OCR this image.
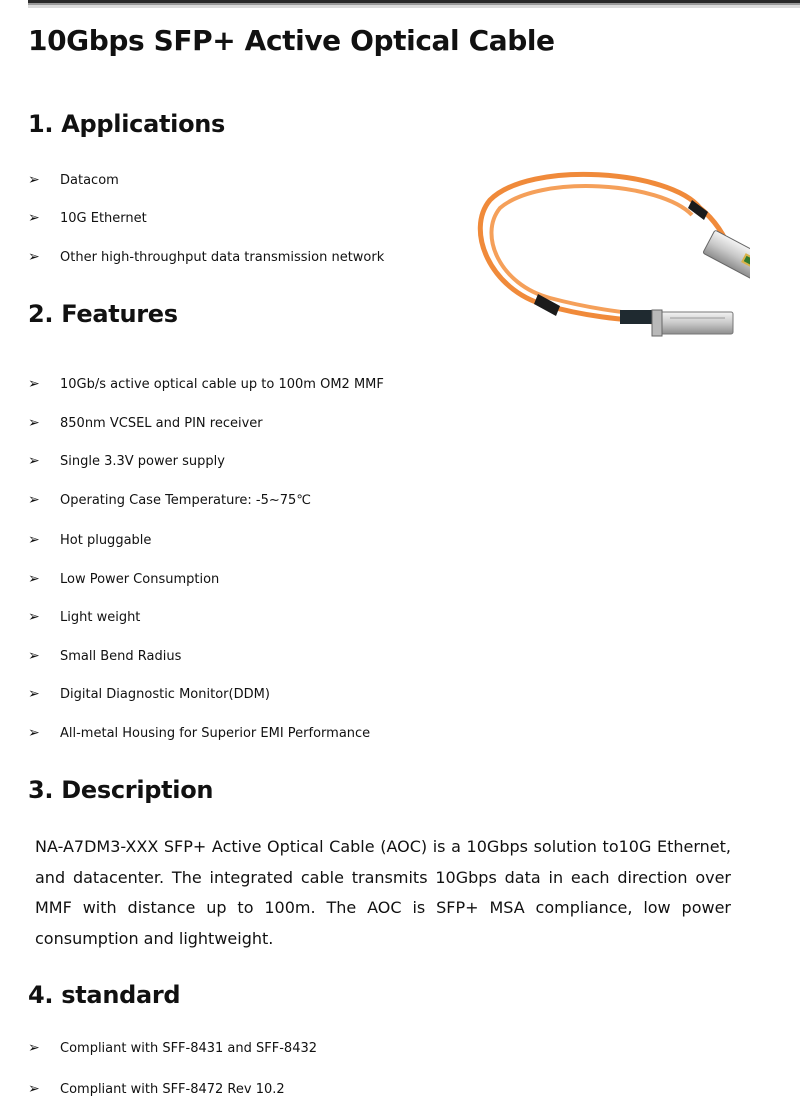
10Gbps SFP+ Active Optical Cable
1. Applications
➢	Datacom
➢	10G Ethernet
➢	Other high-throughput data transmission network
2. Features
➢	10Gb/s active optical cable up to 100m OM2 MMF
➢	850nm VCSEL and PIN receiver
➢	Single 3.3V power supply
➢	Operating Case Temperature: -5~75℃
➢	Hot pluggable
➢	Low Power Consumption
➢	Light weight
➢	Small Bend Radius
➢	Digital Diagnostic Monitor(DDM)
➢	All-metal Housing for Superior EMI Performance
3. Description

NA-A7DM3-XXX SFP+ Active Optical Cable (AOC) is a 10Gbps solution to10G Ethernet, and datacenter. The integrated cable transmits 10Gbps data in each direction over MMF with distance up to 100m. The AOC is SFP+ MSA compliance, low power consumption and lightweight.

4. standard
➢	Compliant with SFF-8431 and SFF-8432
➢	Compliant with SFF-8472 Rev 10.2
